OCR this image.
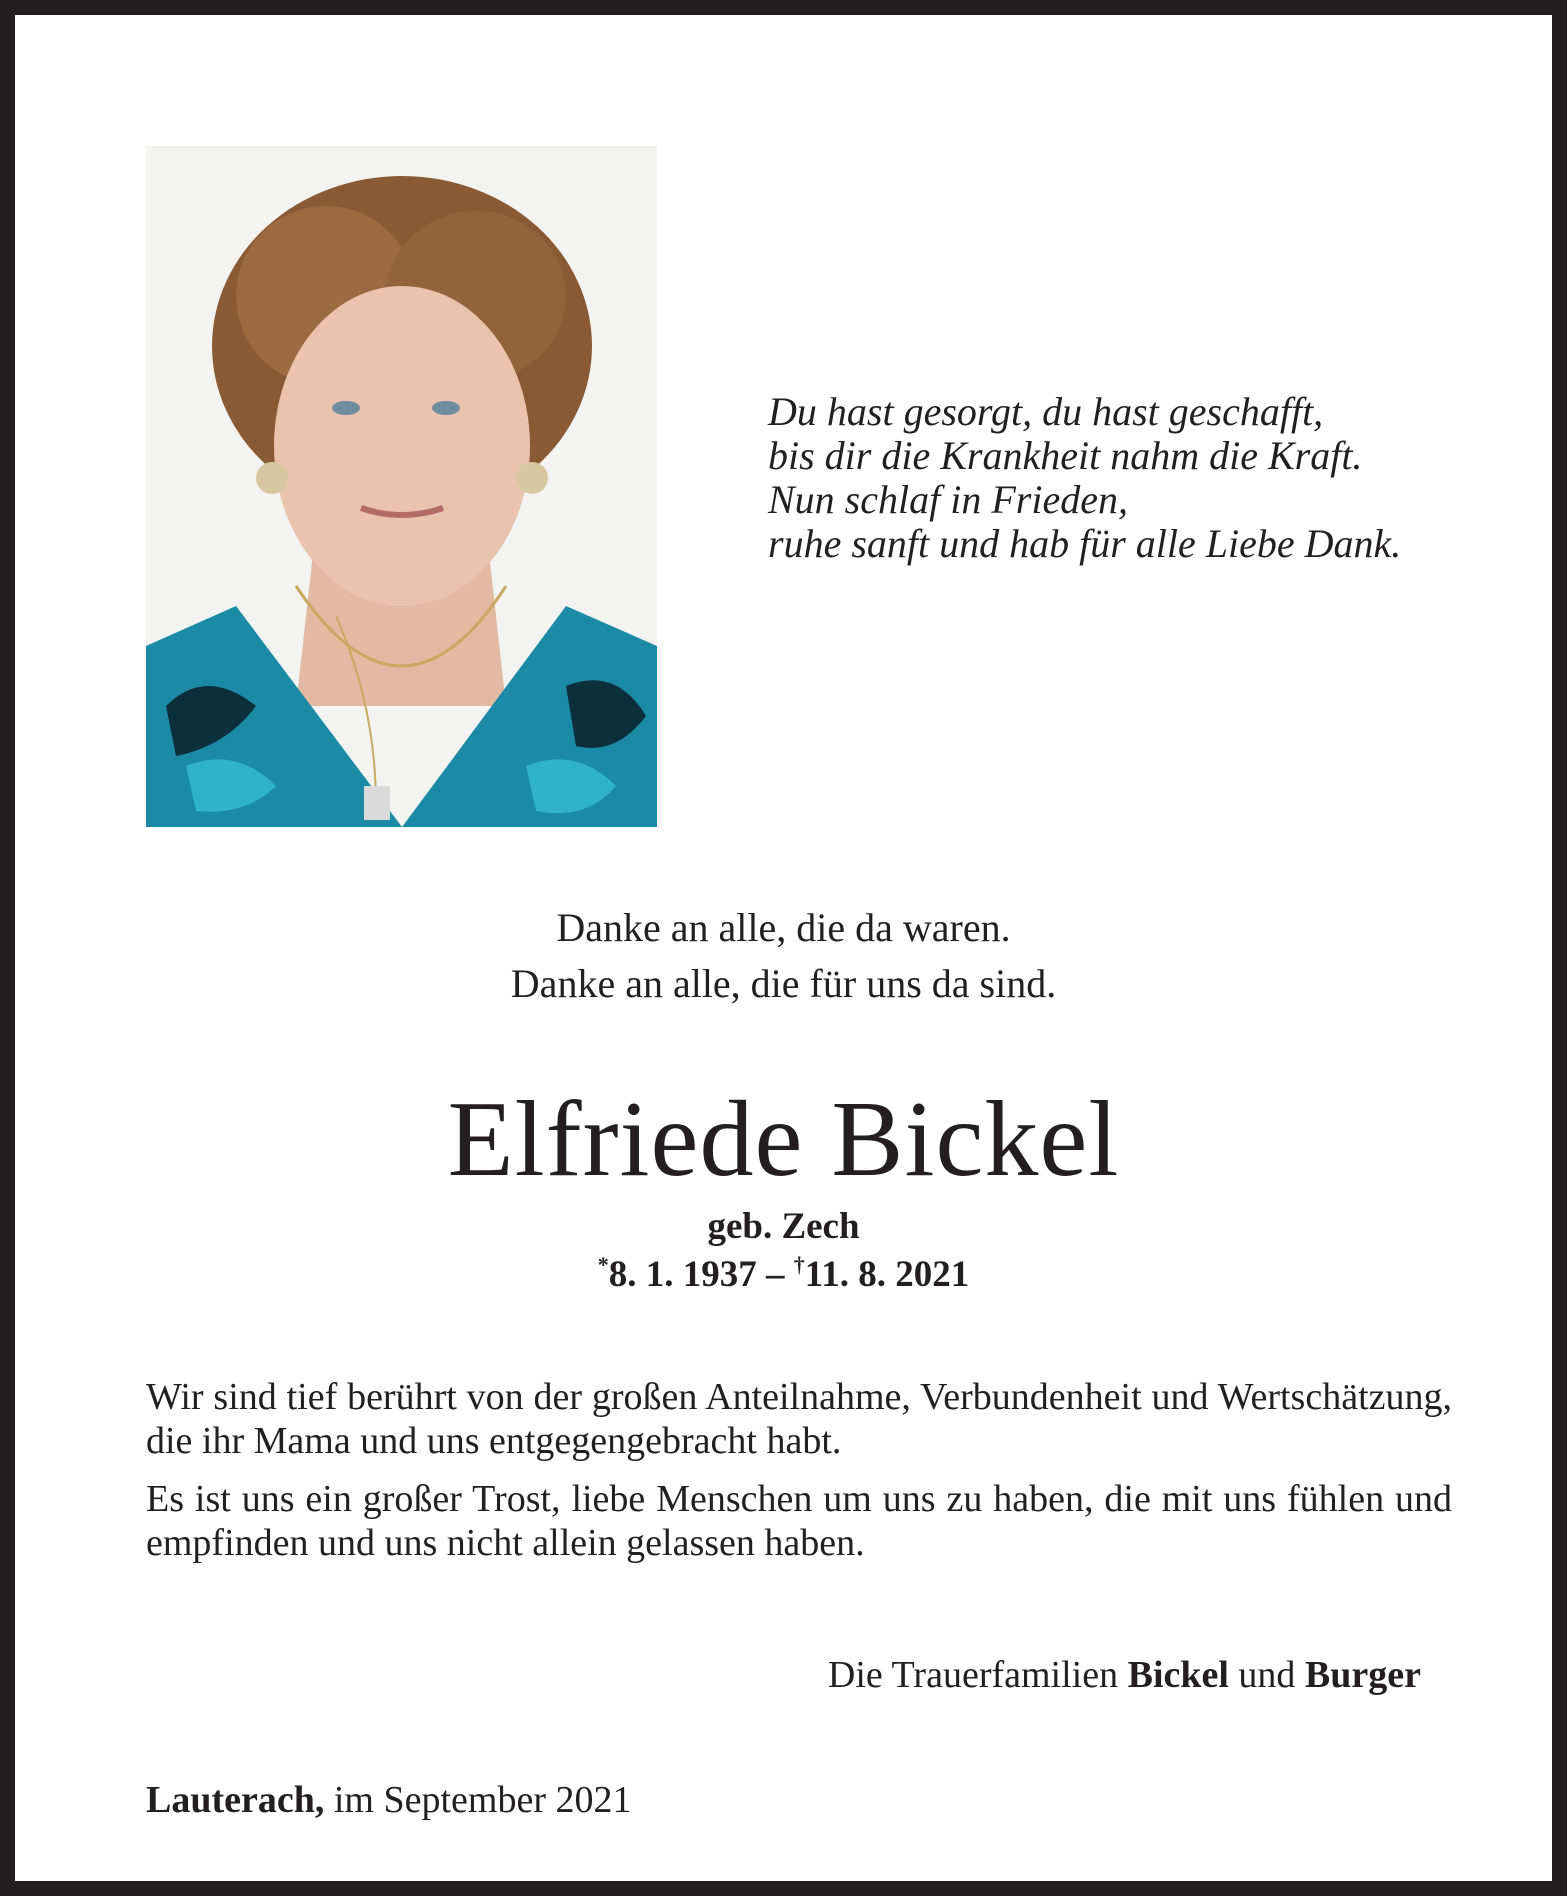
Du hast gesorgt, du hast geschafft,
bis dir die Krankheit nahm die Kraft.
Nun schlaf in Frieden,
ruhe sanft und hab für alle Liebe Dank.
Danke an alle, die da waren.
Danke an alle, die für uns da sind.
Elfriede Bickel
geb. Zech
*8. 1. 1937 – †11. 8. 2021

Wir sind tief berührt von der großen Anteilnahme, Verbundenheit und Wertschätzung, die ihr Mama und uns entgegengebracht habt.

Es ist uns ein großer Trost, liebe Menschen um uns zu haben, die mit uns fühlen und empfinden und uns nicht allein gelassen haben.

Die Trauerfamilien Bickel und Burger
Lauterach, im September 2021
